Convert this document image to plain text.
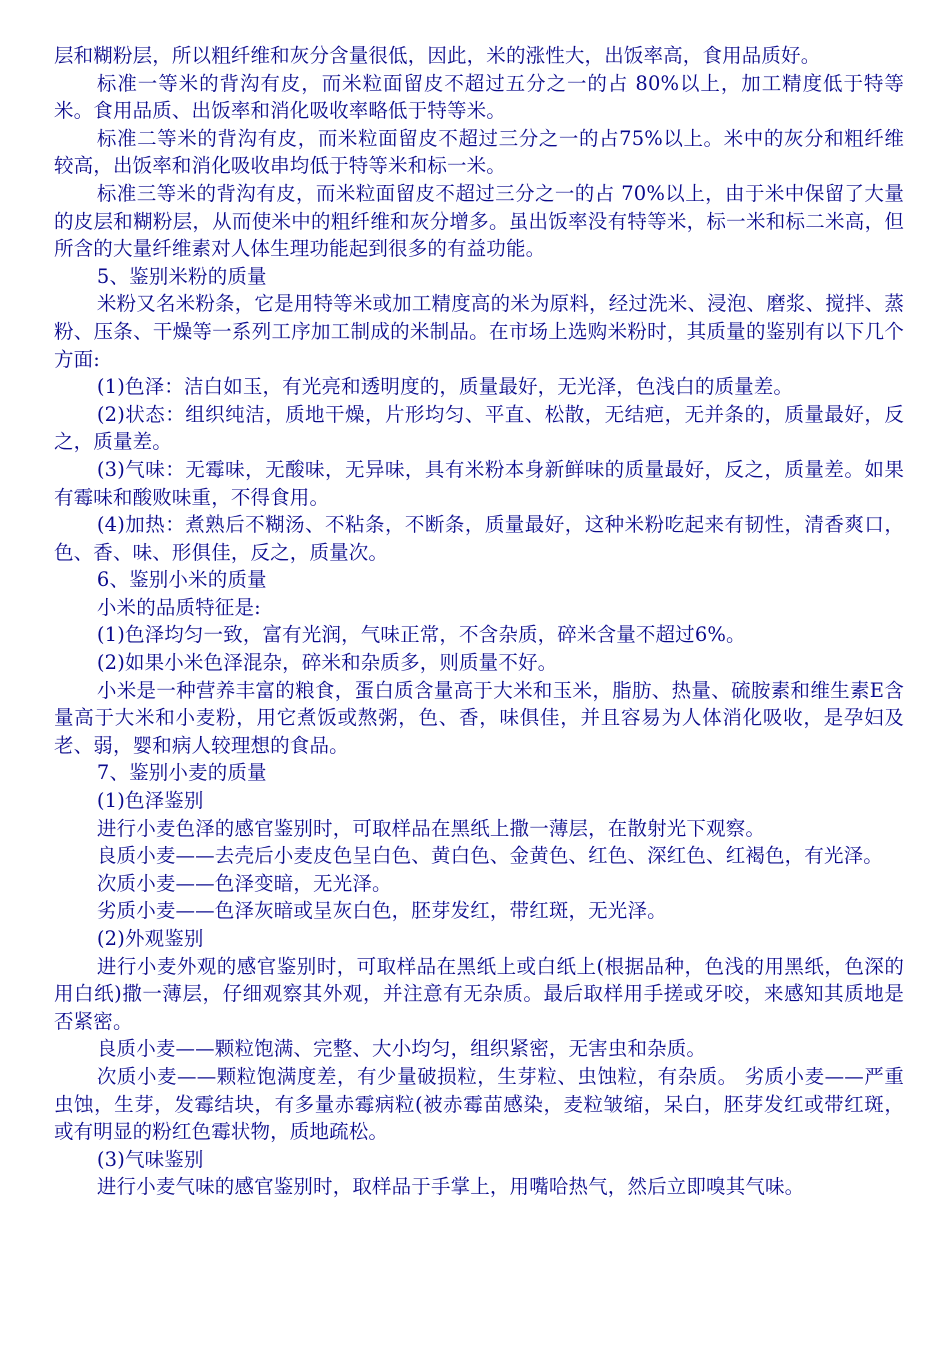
层和糊粉层，所以粗纤维和灰分含量很低，因此，米的涨性大，出饭率高，食用品质好。

标准一等米的背沟有皮，而米粒面留皮不超过五分之一的占 80%以上，加工精度低于特等米。食用品质、出饭率和消化吸收率略低于特等米。

标准二等米的背沟有皮，而米粒面留皮不超过三分之一的占75%以上。米中的灰分和粗纤维较高，出饭率和消化吸收串均低于特等米和标一米。

标准三等米的背沟有皮，而米粒面留皮不超过三分之一的占 70%以上，由于米中保留了大量的皮层和糊粉层，从而使米中的粗纤维和灰分增多。虽出饭率没有特等米，标一米和标二米高，但所含的大量纤维素对人体生理功能起到很多的有益功能。

5、鉴别米粉的质量

米粉又名米粉条，它是用特等米或加工精度高的米为原料，经过洗米、浸泡、磨浆、搅拌、蒸粉、压条、干燥等一系列工序加工制成的米制品。在市场上选购米粉时，其质量的鉴别有以下几个方面:

(1)色泽：洁白如玉，有光亮和透明度的，质量最好，无光泽，色浅白的质量差。

(2)状态：组织纯洁，质地干燥，片形均匀、平直、松散，无结疤，无并条的，质量最好，反之，质量差。

(3)气味：无霉味，无酸味，无异味，具有米粉本身新鲜味的质量最好，反之，质量差。如果有霉味和酸败味重，不得食用。

(4)加热：煮熟后不糊汤、不粘条，不断条，质量最好，这种米粉吃起来有韧性，清香爽口，色、香、味、形俱佳，反之，质量次。

6、鉴别小米的质量

小米的品质特征是:

(1)色泽均匀一致，富有光润，气味正常，不含杂质，碎米含量不超过6%。

(2)如果小米色泽混杂，碎米和杂质多，则质量不好。

小米是一种营养丰富的粮食，蛋白质含量高于大米和玉米，脂肪、热量、硫胺素和维生素E含量高于大米和小麦粉，用它煮饭或熬粥，色、香，味俱佳，并且容易为人体消化吸收，是孕妇及老、弱，婴和病人较理想的食品。

7、鉴别小麦的质量

(1)色泽鉴别

进行小麦色泽的感官鉴别时，可取样品在黑纸上撒一薄层，在散射光下观察。

良质小麦——去壳后小麦皮色呈白色、黄白色、金黄色、红色、深红色、红褐色，有光泽。

次质小麦——色泽变暗，无光泽。

劣质小麦——色泽灰暗或呈灰白色，胚芽发红，带红斑，无光泽。

(2)外观鉴别

进行小麦外观的感官鉴别时，可取样品在黑纸上或白纸上(根据品种，色浅的用黑纸，色深的用白纸)撒一薄层，仔细观察其外观，并注意有无杂质。最后取样用手搓或牙咬，来感知其质地是否紧密。

良质小麦——颗粒饱满、完整、大小均匀，组织紧密，无害虫和杂质。

次质小麦——颗粒饱满度差，有少量破损粒，生芽粒、虫蚀粒，有杂质。 劣质小麦——严重虫蚀，生芽，发霉结块，有多量赤霉病粒(被赤霉苗感染，麦粒皱缩，呆白，胚芽发红或带红斑，或有明显的粉红色霉状物，质地疏松。

(3)气味鉴别

进行小麦气味的感官鉴别时，取样品于手掌上，用嘴哈热气，然后立即嗅其气味。
